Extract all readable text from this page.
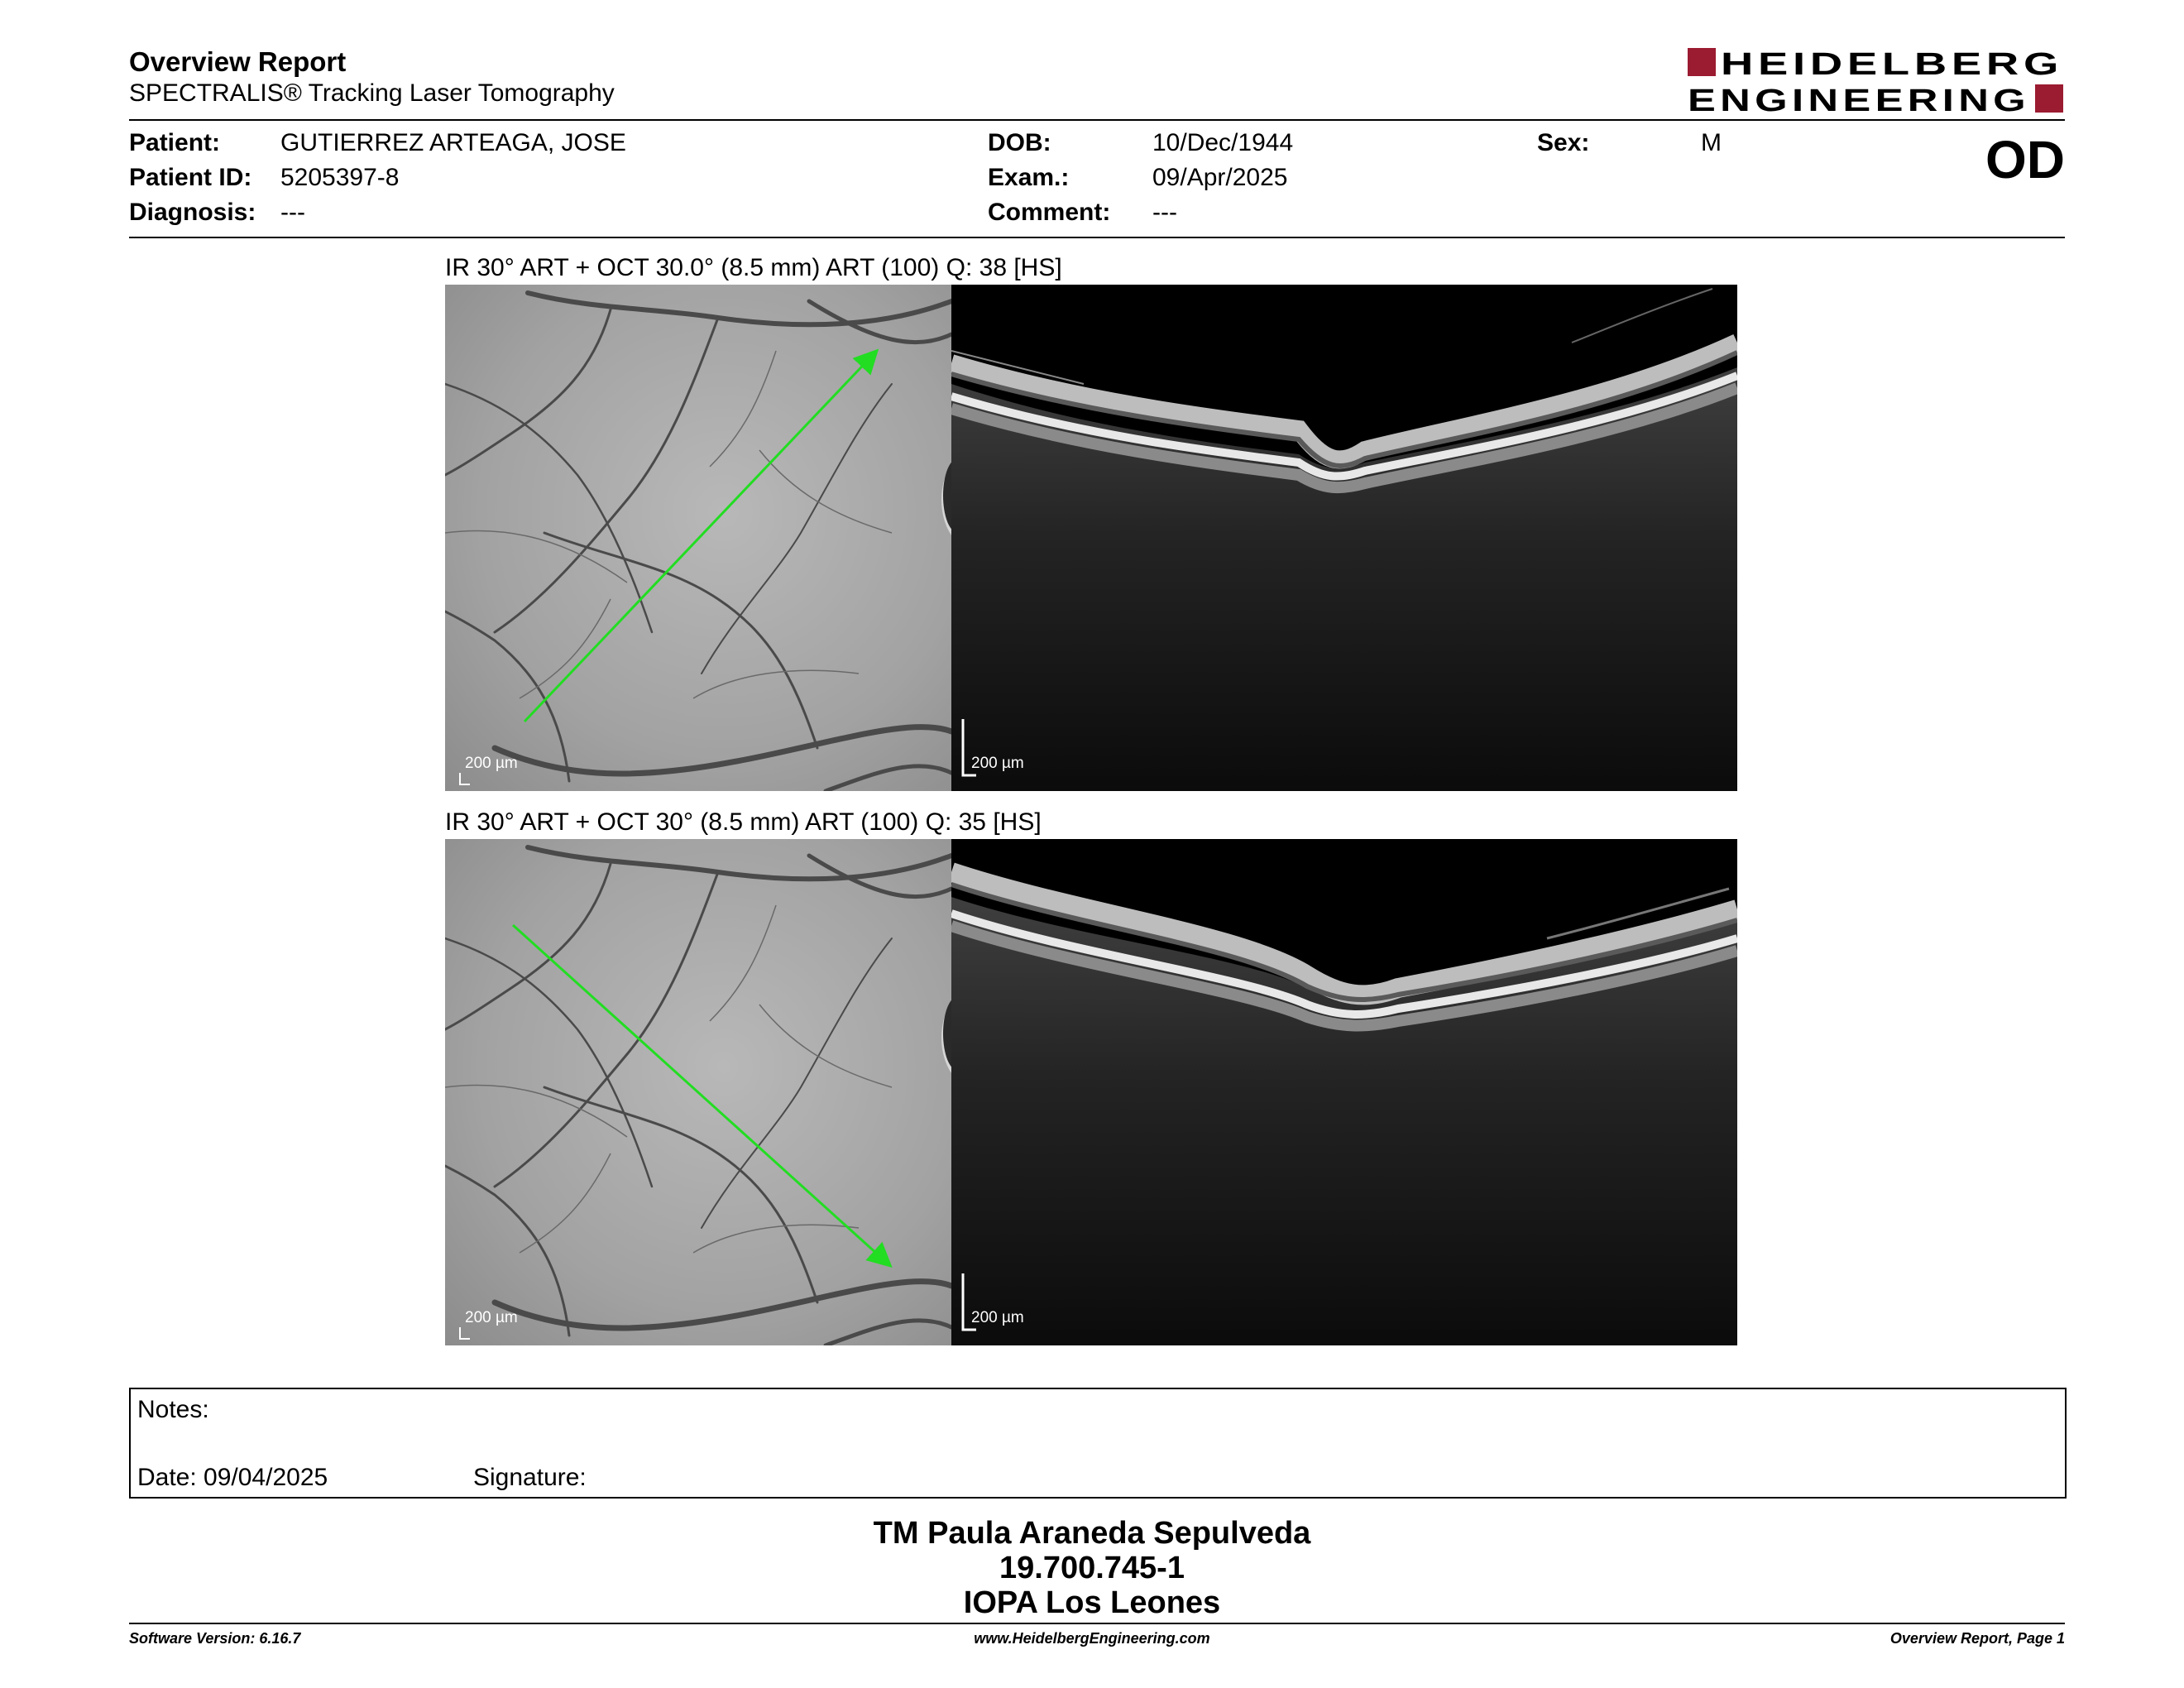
Overview Report
SPECTRALIS® Tracking Laser Tomography
HEIDELBERG
ENGINEERING
Patient: GUTIERREZ ARTEAGA, JOSE
Patient ID: 5205397-8
Diagnosis: ---
DOB:	10/Dec/1944
Exam.:	09/Apr/2025
Comment: ---
Sex:	M	OD
IR 30° ART + OCT 30.0° (8.5 mm) ART (100) Q: 38 [HS]
200 µm	200 µm
IR 30° ART + OCT 30° (8.5 mm) ART (100) Q: 35 [HS]
200 µm	200 µm
Notes:
Date: 09/04/2025	Signature:
TM Paula Araneda Sepulveda
19.700.745-1
IOPA Los Leones
Software Version: 6.16.7	www.HeidelbergEngineering.com	Overview Report, Page 1
